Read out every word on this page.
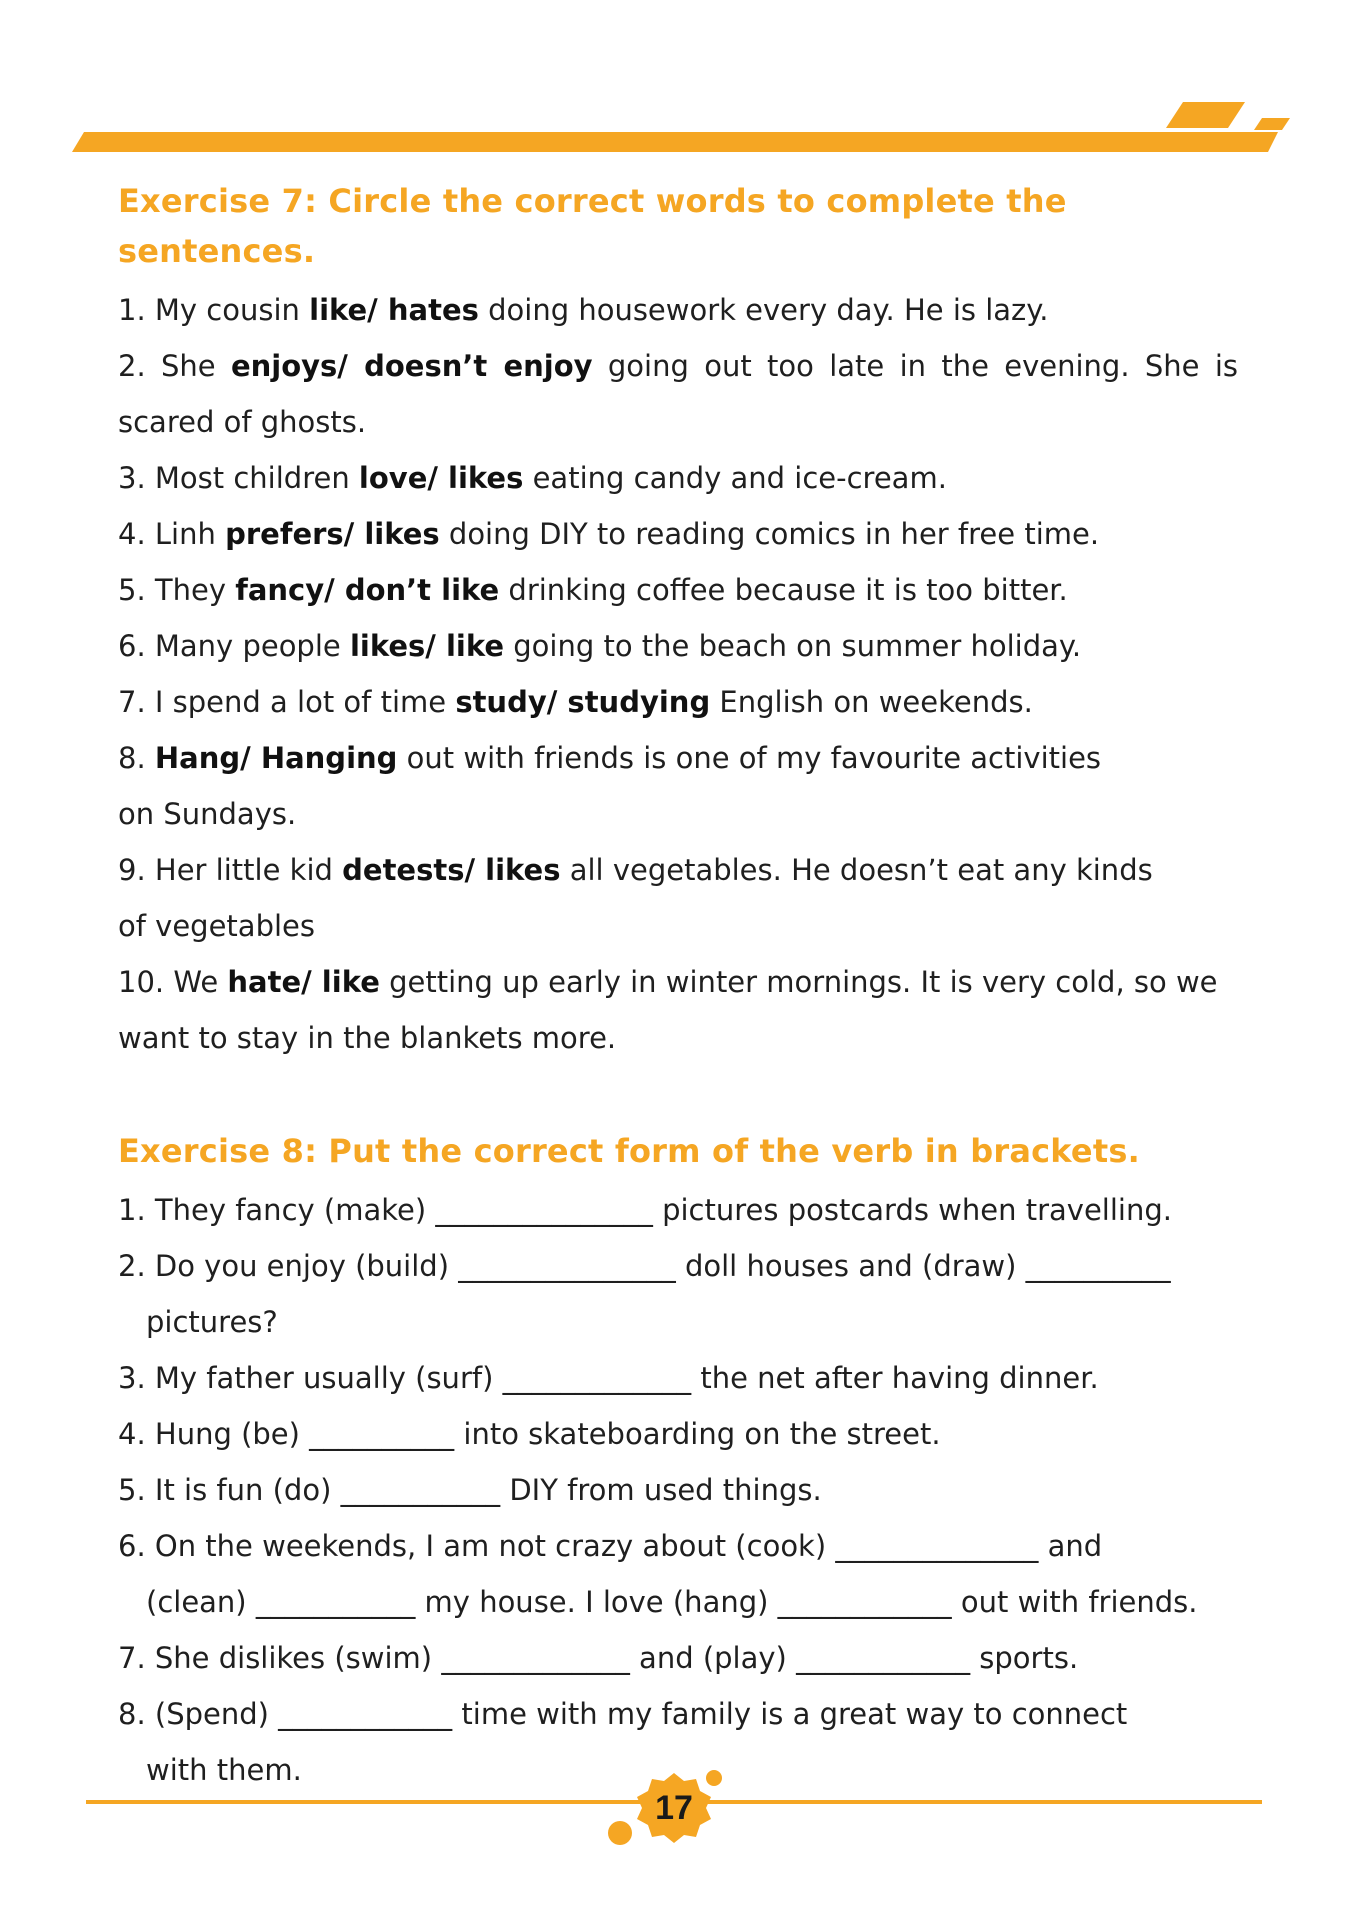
Exercise 7: Circle the correct words to complete the sentences.

1. My cousin like/ hates doing housework every day. He is lazy.

2. She enjoys/ doesn’t enjoy going out too late in the evening. She is

scared of ghosts.

3. Most children love/ likes eating candy and ice-cream.

4. Linh prefers/ likes doing DIY to reading comics in her free time.

5. They fancy/ don’t like drinking coffee because it is too bitter.

6. Many people likes/ like going to the beach on summer holiday.

7. I spend a lot of time study/ studying English on weekends.

8. Hang/ Hanging out with friends is one of my favourite activities

on Sundays.

9. Her little kid detests/ likes all vegetables. He doesn’t eat any kinds

of vegetables

10. We hate/ like getting up early in winter mornings. It is very cold, so we

want to stay in the blankets more.

Exercise 8: Put the correct form of the verb in brackets.

1. They fancy (make) _______________ pictures postcards when travelling.

2. Do you enjoy (build) _______________ doll houses and (draw) __________

pictures?

3. My father usually (surf) _____________ the net after having dinner.

4. Hung (be) __________ into skateboarding on the street.

5. It is fun (do) ___________ DIY from used things.

6. On the weekends, I am not crazy about (cook) ______________ and

(clean) ___________ my house. I love (hang) ____________ out with friends.

7. She dislikes (swim) _____________ and (play) ____________ sports.

8. (Spend) ____________ time with my family is a great way to connect

with them.

17
